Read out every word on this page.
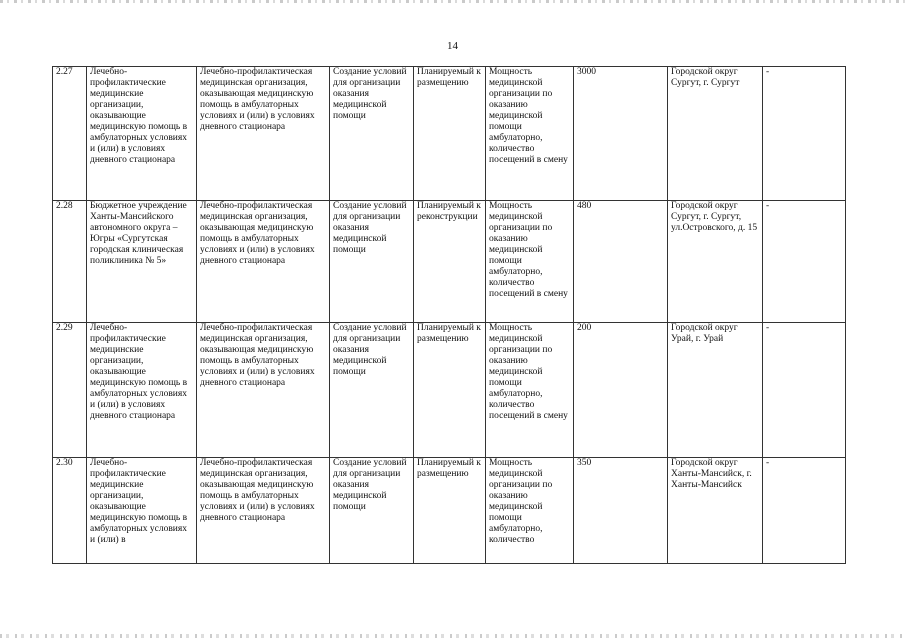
14
2.27	Лечебно-профилактические медицинские организации, оказывающие медицинскую помощь в амбулаторных условиях и (или) в условиях дневного стационара	Лечебно-профилактическая медицинская организация, оказывающая медицинскую помощь в амбулаторных условиях и (или) в условиях дневного стационара	Создание условий для организации оказания медицинской помощи	Планируемый к размещению	Мощность медицинской организации по оказанию медицинской помощи амбулаторно, количество посещений в смену	3000	Городской округ Сургут, г. Сургут	-
2.28	Бюджетное учреждение Ханты-Мансийского автономного округа – Югры «Сургутская городская клиническая поликлиника № 5»	Лечебно-профилактическая медицинская организация, оказывающая медицинскую помощь в амбулаторных условиях и (или) в условиях дневного стационара	Создание условий для организации оказания медицинской помощи	Планируемый к реконструкции	Мощность медицинской организации по оказанию медицинской помощи амбулаторно, количество посещений в смену	480	Городской округ Сургут, г. Сургут, ул.Островского, д. 15	-
2.29	Лечебно-профилактические медицинские организации, оказывающие медицинскую помощь в амбулаторных условиях и (или) в условиях дневного стационара	Лечебно-профилактическая медицинская организация, оказывающая медицинскую помощь в амбулаторных условиях и (или) в условиях дневного стационара	Создание условий для организации оказания медицинской помощи	Планируемый к размещению	Мощность медицинской организации по оказанию медицинской помощи амбулаторно, количество посещений в смену	200	Городской округ Урай, г. Урай	-
2.30	Лечебно-профилактические медицинские организации, оказывающие медицинскую помощь в амбулаторных условиях и (или) в	Лечебно-профилактическая медицинская организация, оказывающая медицинскую помощь в амбулаторных условиях и (или) в условиях дневного стационара	Создание условий для организации оказания медицинской помощи	Планируемый к размещению	Мощность медицинской организации по оказанию медицинской помощи амбулаторно, количество	350	Городской округ Ханты-Мансийск, г. Ханты-Мансийск	-
